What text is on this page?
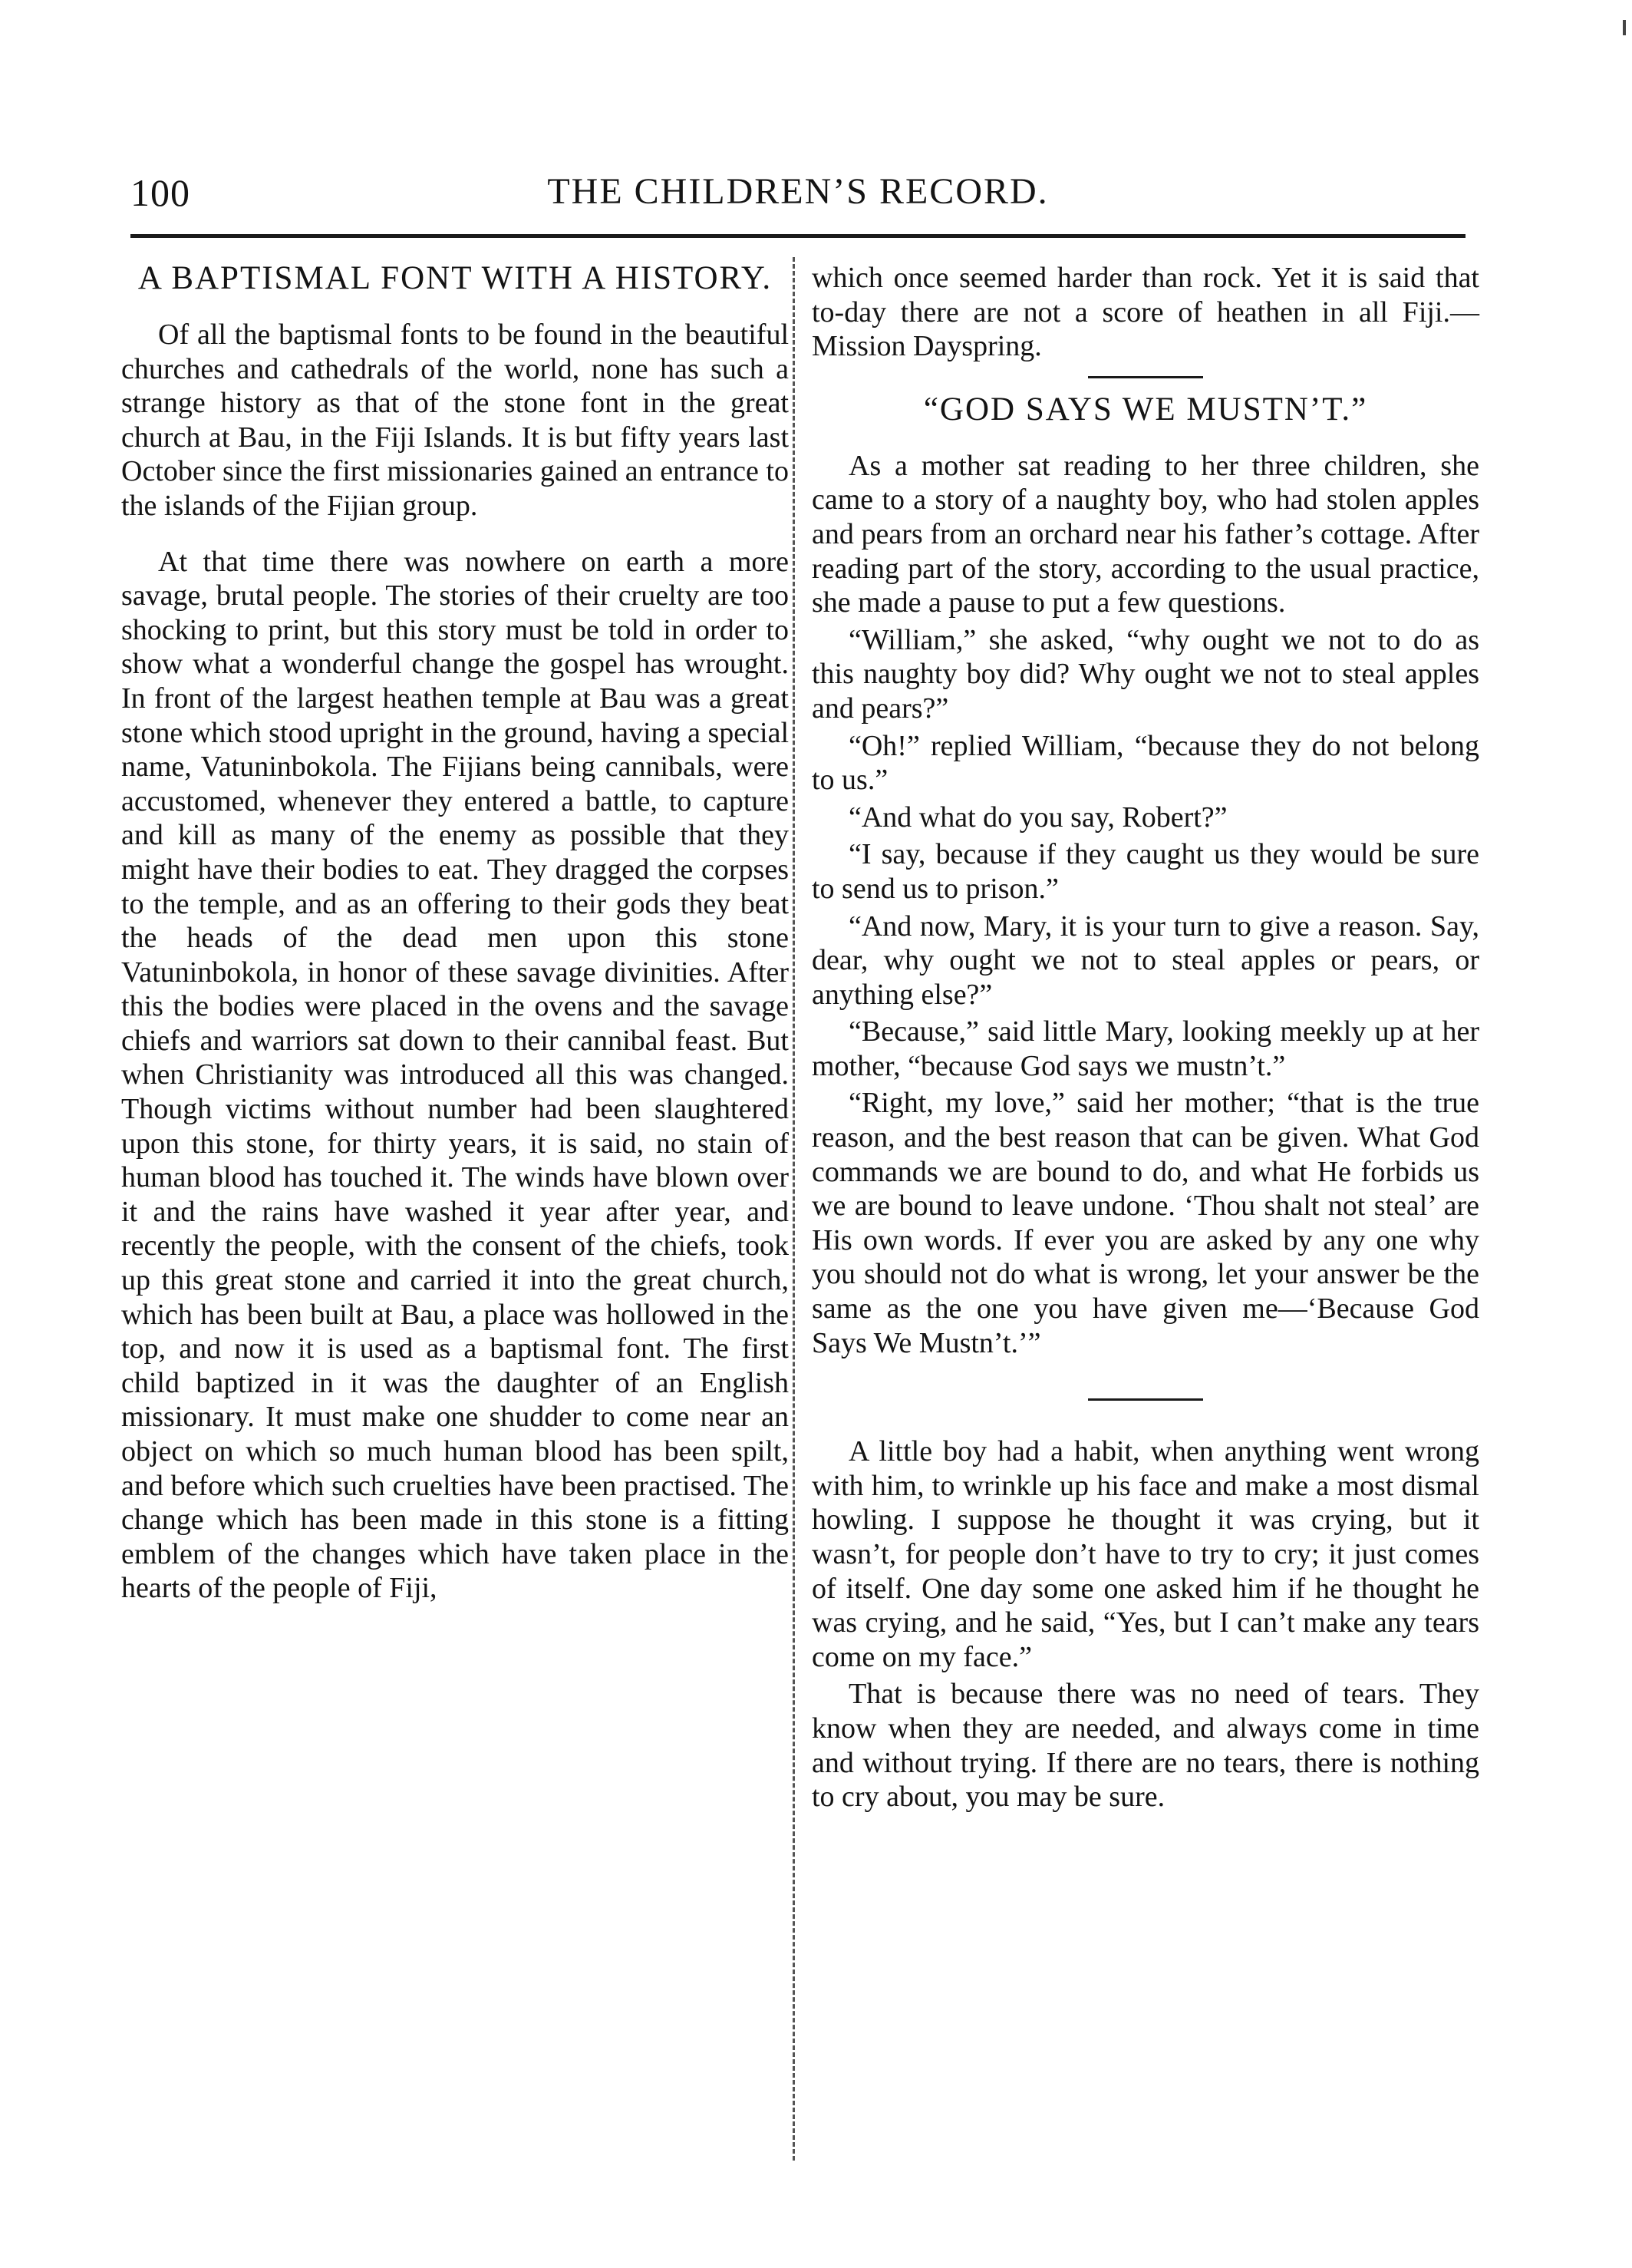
100	THE CHILDREN’S RECORD.
A BAPTISMAL FONT WITH A HISTORY.

Of all the baptismal fonts to be found in the beautiful churches and cathedrals of the world, none has such a strange history as that of the stone font in the great church at Bau, in the Fiji Islands. It is but fifty years last October since the first missionaries gained an entrance to the islands of the Fijian group.

At that time there was nowhere on earth a more savage, brutal people. The stories of their cruelty are too shocking to print, but this story must be told in order to show what a wonderful change the gospel has wrought. In front of the largest heathen temple at Bau was a great stone which stood upright in the ground, having a special name, Vatuninbokola. The Fijians being cannibals, were accustomed, whenever they entered a battle, to capture and kill as many of the enemy as possible that they might have their bodies to eat. They dragged the corpses to the temple, and as an offering to their gods they beat the heads of the dead men upon this stone Vatuninbokola, in honor of these savage divinities. After this the bodies were placed in the ovens and the savage chiefs and warriors sat down to their cannibal feast. But when Christianity was introduced all this was changed. Though victims without number had been slaughtered upon this stone, for thirty years, it is said, no stain of human blood has touched it. The winds have blown over it and the rains have washed it year after year, and recently the people, with the consent of the chiefs, took up this great stone and carried it into the great church, which has been built at Bau, a place was hollowed in the top, and now it is used as a baptismal font. The first child baptized in it was the daughter of an English missionary. It must make one shudder to come near an object on which so much human blood has been spilt, and before which such cruelties have been practised. The change which has been made in this stone is a fitting emblem of the changes which have taken place in the hearts of the people of Fiji,

which once seemed harder than rock. Yet it is said that to-day there are not a score of heathen in all Fiji.—Mission Dayspring.

“GOD SAYS WE MUSTN’T.”

As a mother sat reading to her three children, she came to a story of a naughty boy, who had stolen apples and pears from an orchard near his father’s cottage. After reading part of the story, according to the usual practice, she made a pause to put a few questions.

“William,” she asked, “why ought we not to do as this naughty boy did? Why ought we not to steal apples and pears?”

“Oh!” replied William, “because they do not belong to us.”

“And what do you say, Robert?”

“I say, because if they caught us they would be sure to send us to prison.”

“And now, Mary, it is your turn to give a reason. Say, dear, why ought we not to steal apples or pears, or anything else?”

“Because,” said little Mary, looking meekly up at her mother, “because God says we mustn’t.”

“Right, my love,” said her mother; “that is the true reason, and the best reason that can be given. What God commands we are bound to do, and what He forbids us we are bound to leave undone. ‘Thou shalt not steal’ are His own words. If ever you are asked by any one why you should not do what is wrong, let your answer be the same as the one you have given me—‘Because God Says We Mustn’t.’”

A little boy had a habit, when anything went wrong with him, to wrinkle up his face and make a most dismal howling. I suppose he thought it was crying, but it wasn’t, for people don’t have to try to cry; it just comes of itself. One day some one asked him if he thought he was crying, and he said, “Yes, but I can’t make any tears come on my face.”

That is because there was no need of tears. They know when they are needed, and always come in time and without trying. If there are no tears, there is nothing to cry about, you may be sure.
